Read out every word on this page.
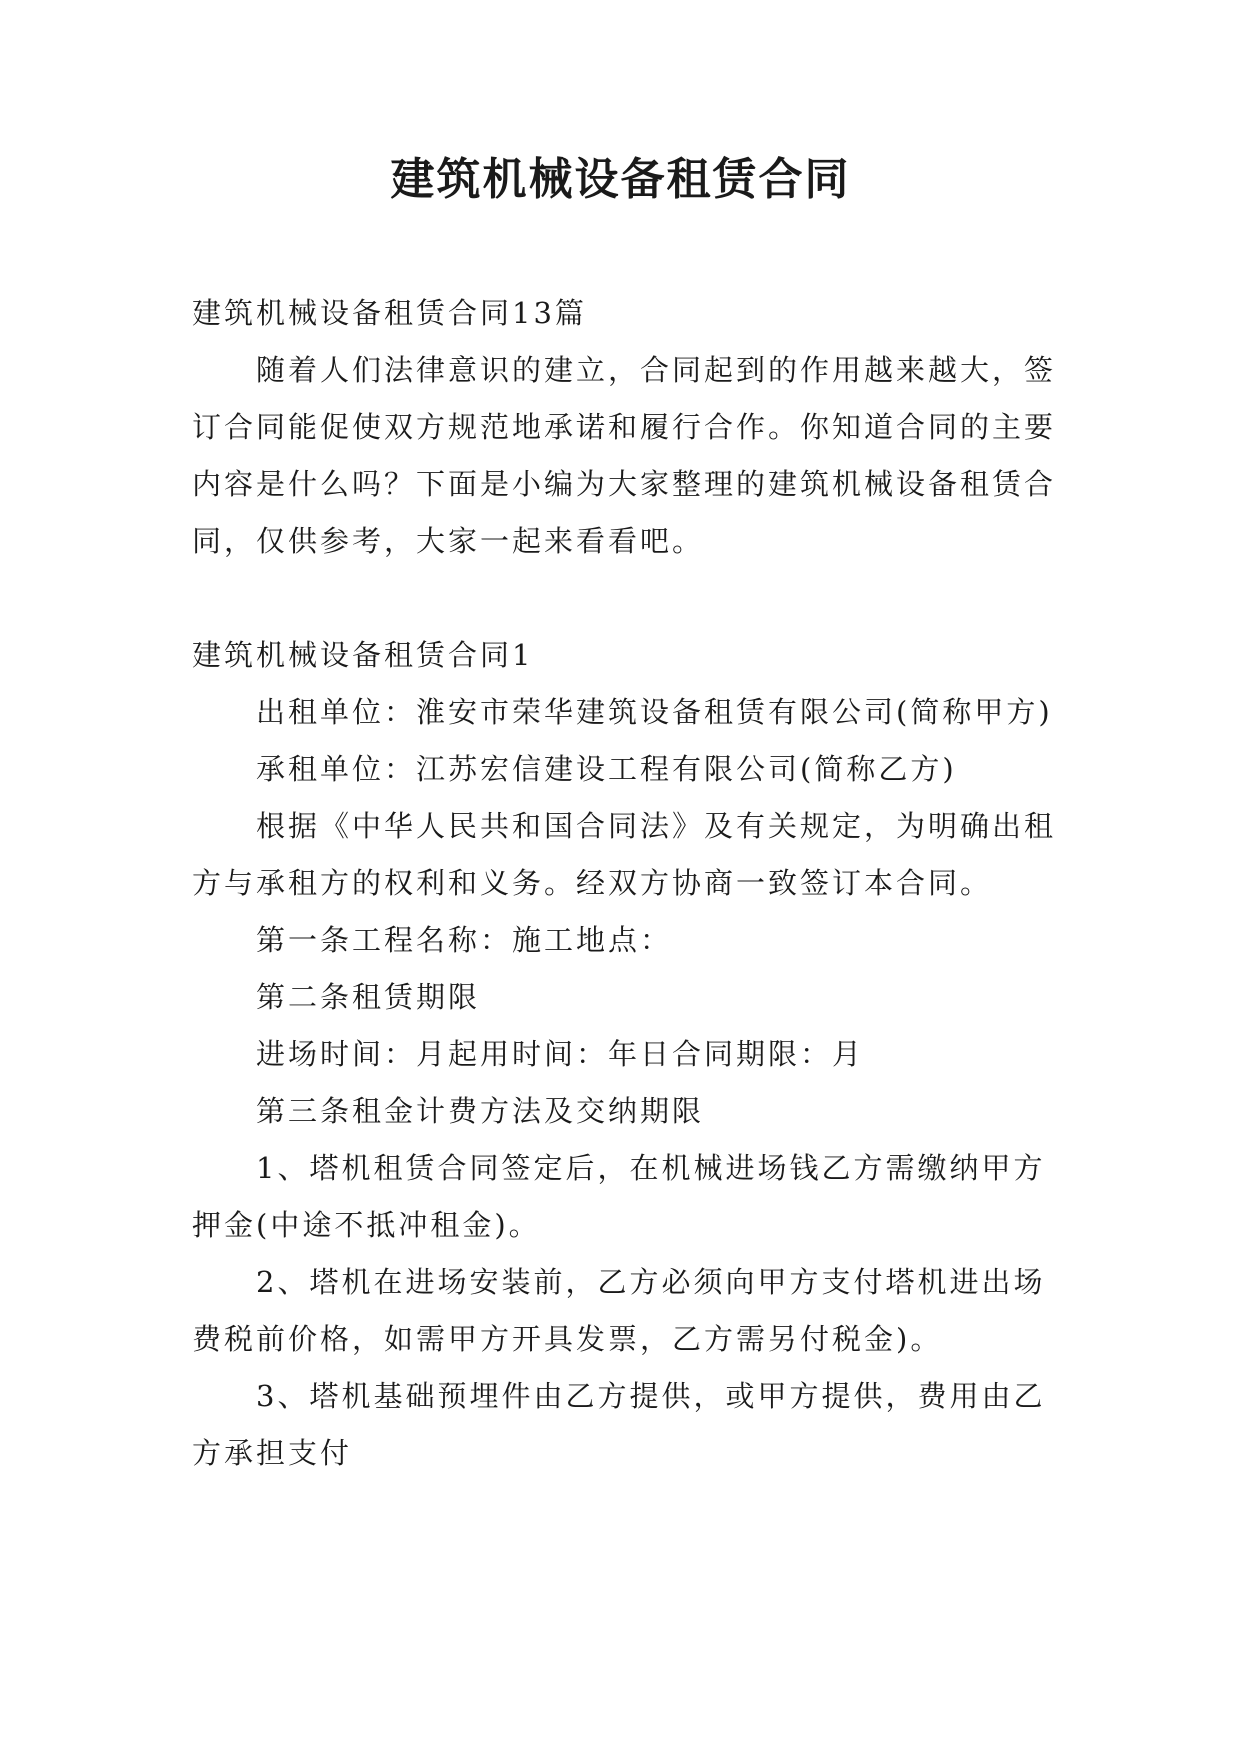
建筑机械设备租赁合同

建筑机械设备租赁合同13篇

随着人们法律意识的建立，合同起到的作用越来越大，签订合同能促使双方规范地承诺和履行合作。你知道合同的主要内容是什么吗？下面是小编为大家整理的建筑机械设备租赁合同，仅供参考，大家一起来看看吧。

建筑机械设备租赁合同1

出租单位：淮安市荣华建筑设备租赁有限公司(简称甲方)

承租单位：江苏宏信建设工程有限公司(简称乙方)

根据《中华人民共和国合同法》及有关规定，为明确出租方与承租方的权利和义务。经双方协商一致签订本合同。

第一条工程名称：施工地点：

第二条租赁期限

进场时间：月起用时间：年日合同期限：月

第三条租金计费方法及交纳期限

1、塔机租赁合同签定后，在机械进场钱乙方需缴纳甲方押金(中途不抵冲租金)。

2、塔机在进场安装前，乙方必须向甲方支付塔机进出场费税前价格，如需甲方开具发票，乙方需另付税金)。

3、塔机基础预埋件由乙方提供，或甲方提供，费用由乙方承担支付
